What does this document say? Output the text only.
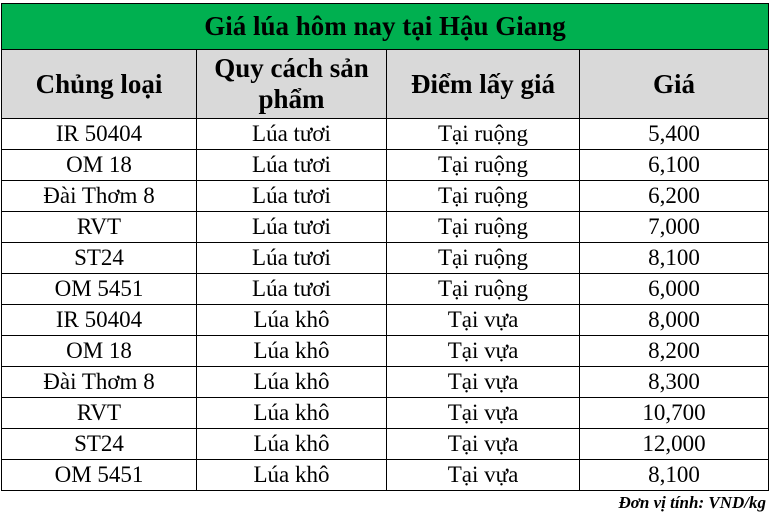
Giá lúa hôm nay tại Hậu Giang			
Chủng loại	Quy cách sản phẩm	Điểm lấy giá	Giá
IR 50404	Lúa tươi	Tại ruộng	5,400
OM 18	Lúa tươi	Tại ruộng	6,100
Đài Thơm 8	Lúa tươi	Tại ruộng	6,200
RVT	Lúa tươi	Tại ruộng	7,000
ST24	Lúa tươi	Tại ruộng	8,100
OM 5451	Lúa tươi	Tại ruộng	6,000
IR 50404	Lúa khô	Tại vựa	8,000
OM 18	Lúa khô	Tại vựa	8,200
Đài Thơm 8	Lúa khô	Tại vựa	8,300
RVT	Lúa khô	Tại vựa	10,700
ST24	Lúa khô	Tại vựa	12,000
OM 5451	Lúa khô	Tại vựa	8,100
Đơn vị tính: VND/kg
